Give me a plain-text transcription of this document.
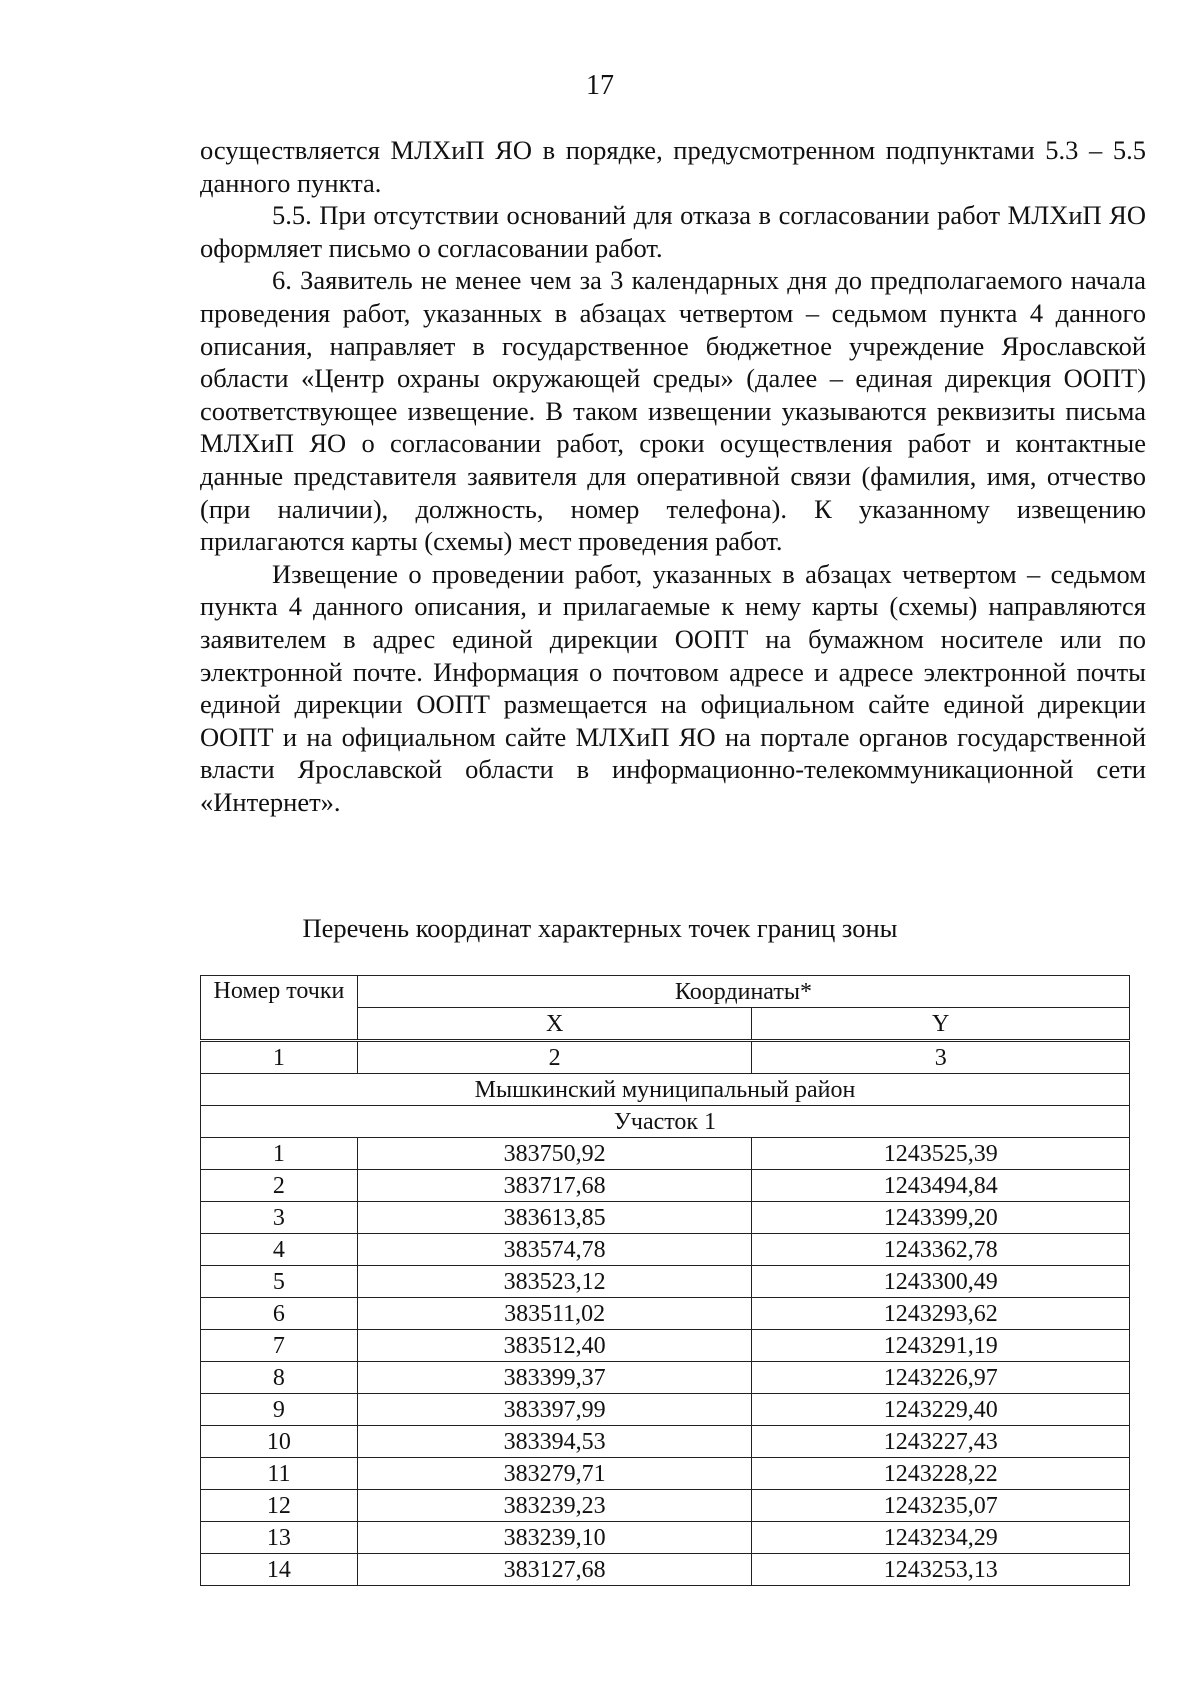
17

осуществляется МЛХиП ЯО в порядке, предусмотренном подпунктами 5.3 – 5.5 данного пункта.

5.5. При отсутствии оснований для отказа в согласовании работ МЛХиП ЯО оформляет письмо о согласовании работ.

6. Заявитель не менее чем за 3 календарных дня до предполагаемого начала проведения работ, указанных в абзацах четвертом – седьмом пункта 4 данного описания, направляет в государственное бюджетное учреждение Ярославской области «Центр охраны окружающей среды» (далее – единая дирекция ООПТ) соответствующее извещение. В таком извещении указываются реквизиты письма МЛХиП ЯО о согласовании работ, сроки осуществления работ и контактные данные представителя заявителя для оперативной связи (фамилия, имя, отчество (при наличии), должность, номер телефона). К указанному извещению прилагаются карты (схемы) мест проведения работ.

Извещение о проведении работ, указанных в абзацах четвертом – седьмом пункта 4 данного описания, и прилагаемые к нему карты (схемы) направляются заявителем в адрес единой дирекции ООПТ на бумажном носителе или по электронной почте. Информация о почтовом адресе и адресе электронной почты единой дирекции ООПТ размещается на официальном сайте единой дирекции ООПТ и на официальном сайте МЛХиП ЯО на портале органов государственной власти Ярославской области в информационно-телекоммуникационной сети «Интернет».

Перечень координат характерных точек границ зоны
Номер точки	Координаты*	
	X	Y
1	2	3
Мышкинский муниципальный район		
Участок 1		
1	383750,92	1243525,39
2	383717,68	1243494,84
3	383613,85	1243399,20
4	383574,78	1243362,78
5	383523,12	1243300,49
6	383511,02	1243293,62
7	383512,40	1243291,19
8	383399,37	1243226,97
9	383397,99	1243229,40
10	383394,53	1243227,43
11	383279,71	1243228,22
12	383239,23	1243235,07
13	383239,10	1243234,29
14	383127,68	1243253,13
